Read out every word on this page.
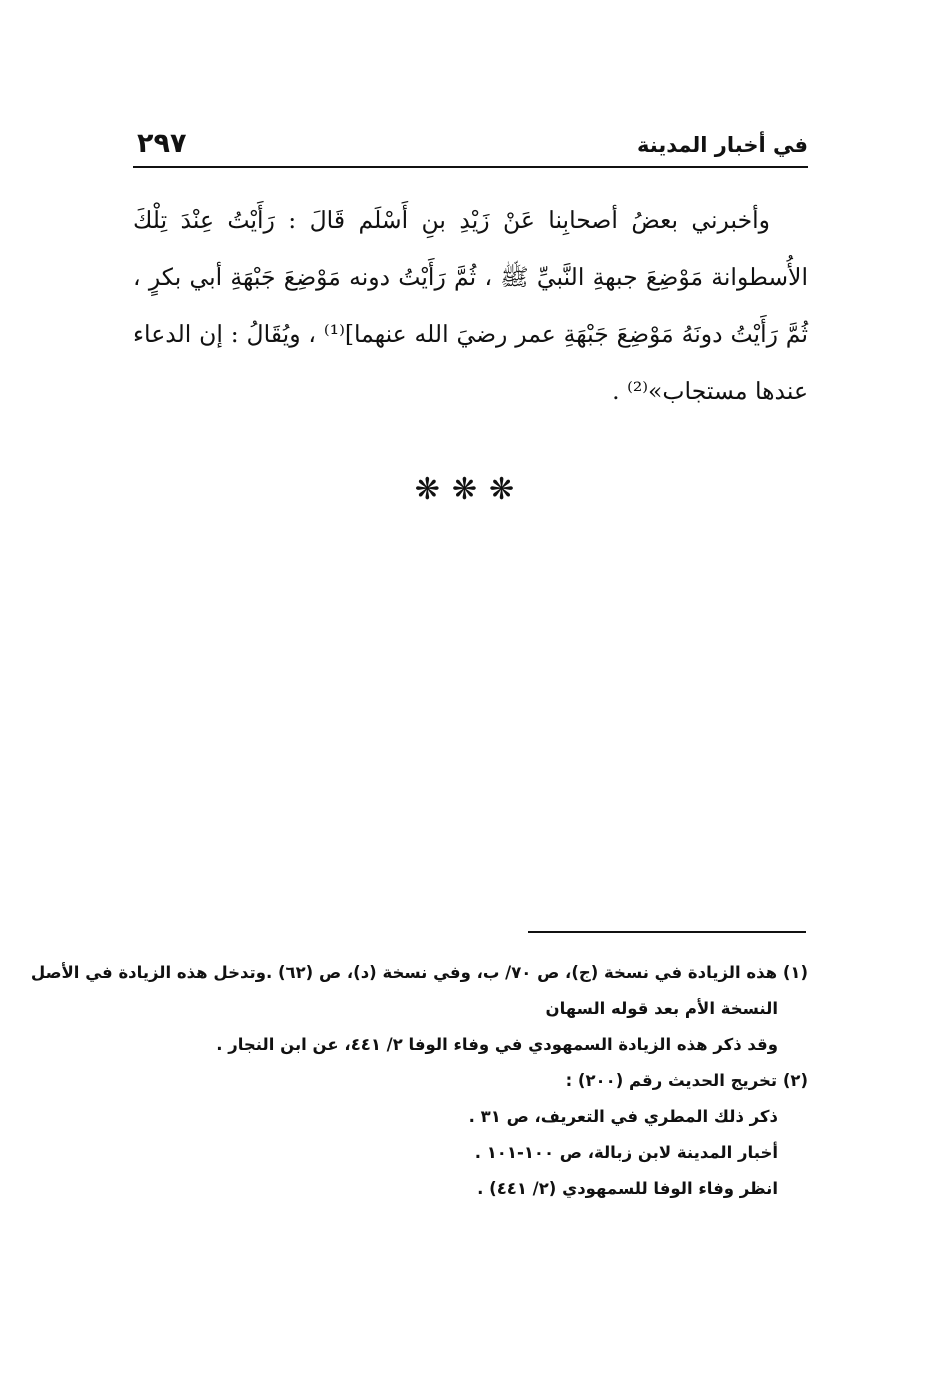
٢٩٧	في أخبار المدينة

وأخبرني بعضُ أصحابِنا عَنْ زَيْدِ بنِ أَسْلَم قَالَ : رَأَيْتُ عِنْدَ تِلْكَ الأُسطوانة مَوْضِعَ جبهةِ النَّبيِّ ﷺ ، ثُمَّ رَأَيْتُ دونه مَوْضِعَ جَبْهَةِ أبي بكرٍ ، ثُمَّ رَأَيْتُ دونَهُ مَوْضِعَ جَبْهَةِ عمر رضيَ الله عنهما]⁽¹⁾ ، ويُقَالُ : إن الدعاء عندها مستجاب»⁽²⁾ .

❋❋❋
(١) هذه الزيادة في نسخة (ج)، ص ٧٠/ ب، وفي نسخة (د)، ص (٦٢) .وتدخل هذه الزيادة في الأصل
النسخة الأم بعد قوله السهان
وقد ذكر هذه الزيادة السمهودي في وفاء الوفا ٢/ ٤٤١، عن ابن النجار .
(٢) تخريج الحديث رقم (٢٠٠) :
ذكر ذلك المطري في التعريف، ص ٣١ .
أخبار المدينة لابن زبالة، ص ١٠٠-١٠١ .
انظر وفاء الوفا للسمهودي (٢/ ٤٤١) .
